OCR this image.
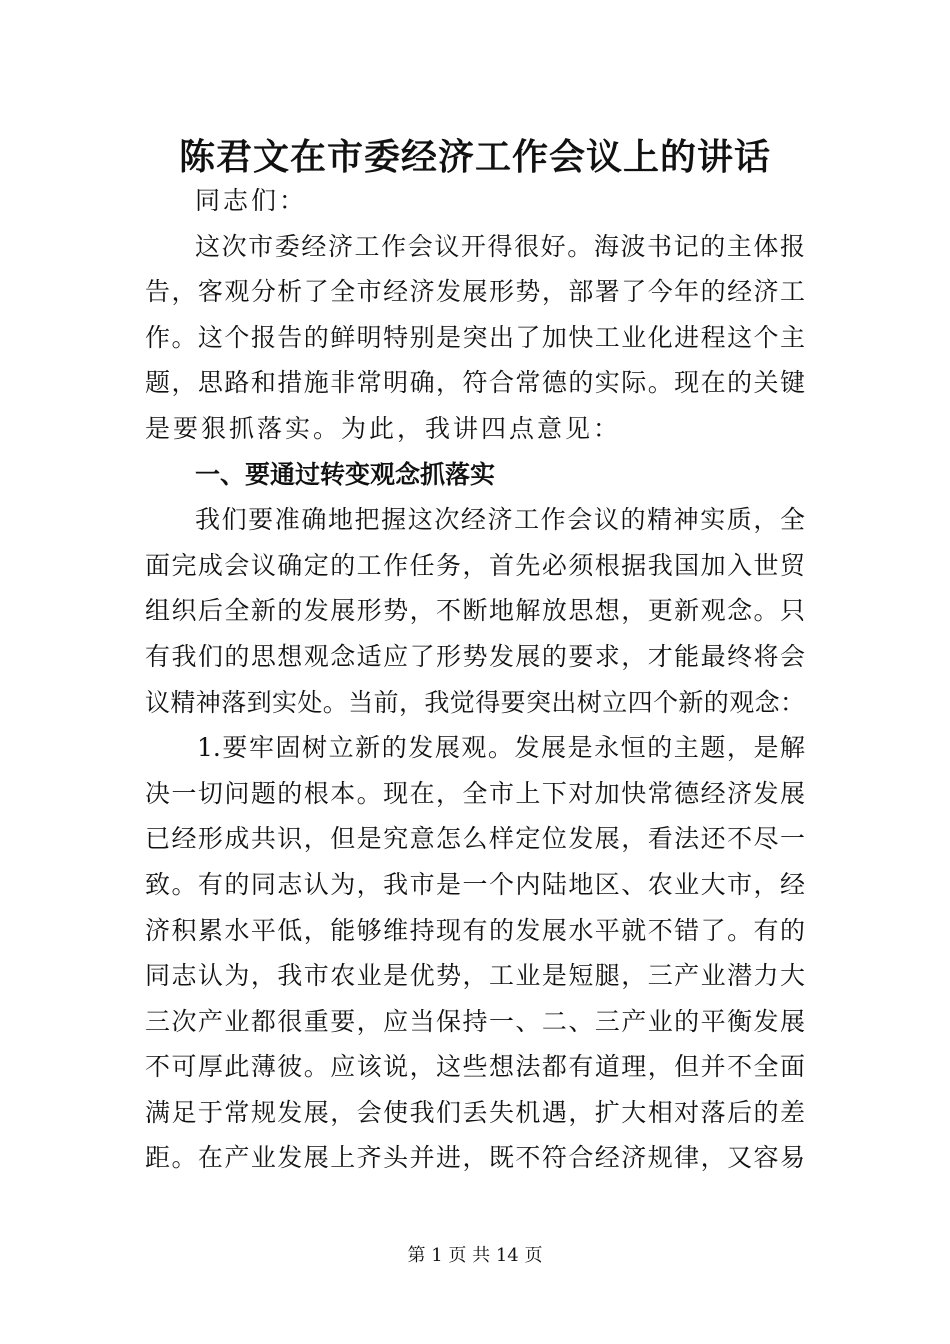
陈君文在市委经济工作会议上的讲话
同志们：
这次市委经济工作会议开得很好。海波书记的主体报
告，客观分析了全市经济发展形势，部署了今年的经济工
作。这个报告的鲜明特别是突出了加快工业化进程这个主
题，思路和措施非常明确，符合常德的实际。现在的关键
是要狠抓落实。为此，我讲四点意见：
一、要通过转变观念抓落实
我们要准确地把握这次经济工作会议的精神实质，全
面完成会议确定的工作任务，首先必须根据我国加入世贸
组织后全新的发展形势，不断地解放思想，更新观念。只
有我们的思想观念适应了形势发展的要求，才能最终将会
议精神落到实处。当前，我觉得要突出树立四个新的观念：
1.要牢固树立新的发展观。发展是永恒的主题，是解
决一切问题的根本。现在，全市上下对加快常德经济发展
已经形成共识，但是究意怎么样定位发展，看法还不尽一
致。有的同志认为，我市是一个内陆地区、农业大市，经
济积累水平低，能够维持现有的发展水平就不错了。有的
同志认为，我市农业是优势，工业是短腿，三产业潜力大
三次产业都很重要，应当保持一、二、三产业的平衡发展
不可厚此薄彼。应该说，这些想法都有道理，但并不全面
满足于常规发展，会使我们丢失机遇，扩大相对落后的差
距。在产业发展上齐头并进，既不符合经济规律，又容易
第 1 页 共 14 页
